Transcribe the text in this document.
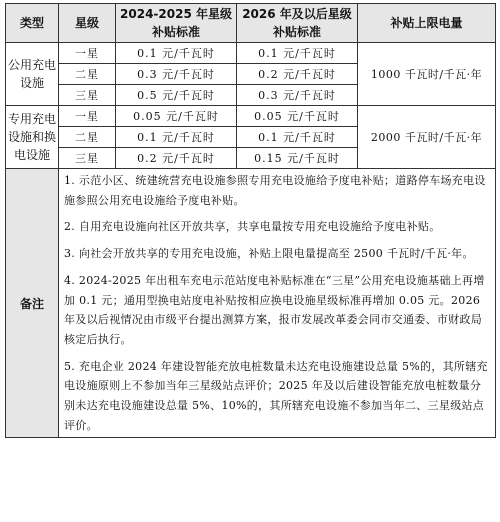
类型	星级	2024-2025 年星级补贴标准	2026 年及以后星级补贴标准	补贴上限电量
公用充电设施	一星	0.1 元/千瓦时	0.1 元/千瓦时	1000 千瓦时/千瓦·年
	二星	0.3 元/千瓦时	0.2 元/千瓦时	
	三星	0.5 元/千瓦时	0.3 元/千瓦时	
专用充电设施和换电设施	一星	0.05 元/千瓦时	0.05 元/千瓦时	2000 千瓦时/千瓦·年
	二星	0.1 元/千瓦时	0.1 元/千瓦时	
	三星	0.2 元/千瓦时	0.15 元/千瓦时	
备注	1. 示范小区、统建统营充电设施参照专用充电设施给予度电补贴；道路停车场充电设施参照公用充电设施给予度电补贴。

2. 自用充电设施向社区开放共享，共享电量按专用充电设施给予度电补贴。

3. 向社会开放共享的专用充电设施，补贴上限电量提高至 2500 千瓦时/千瓦·年。

4. 2024-2025 年出租车充电示范站度电补贴标准在“三星”公用充电设施基础上再增加 0.1 元；通用型换电站度电补贴按相应换电设施星级标准再增加 0.05 元。2026 年及以后视情况由市级平台提出测算方案，报市发展改革委会同市交通委、市财政局核定后执行。

5. 充电企业 2024 年建设智能充放电桩数量未达充电设施建设总量 5%的，其所辖充电设施原则上不参加当年三星级站点评价；2025 年及以后建设智能充放电桩数量分别未达充电设施建设总量 5%、10%的，其所辖充电设施不参加当年二、三星级站点评价。			
